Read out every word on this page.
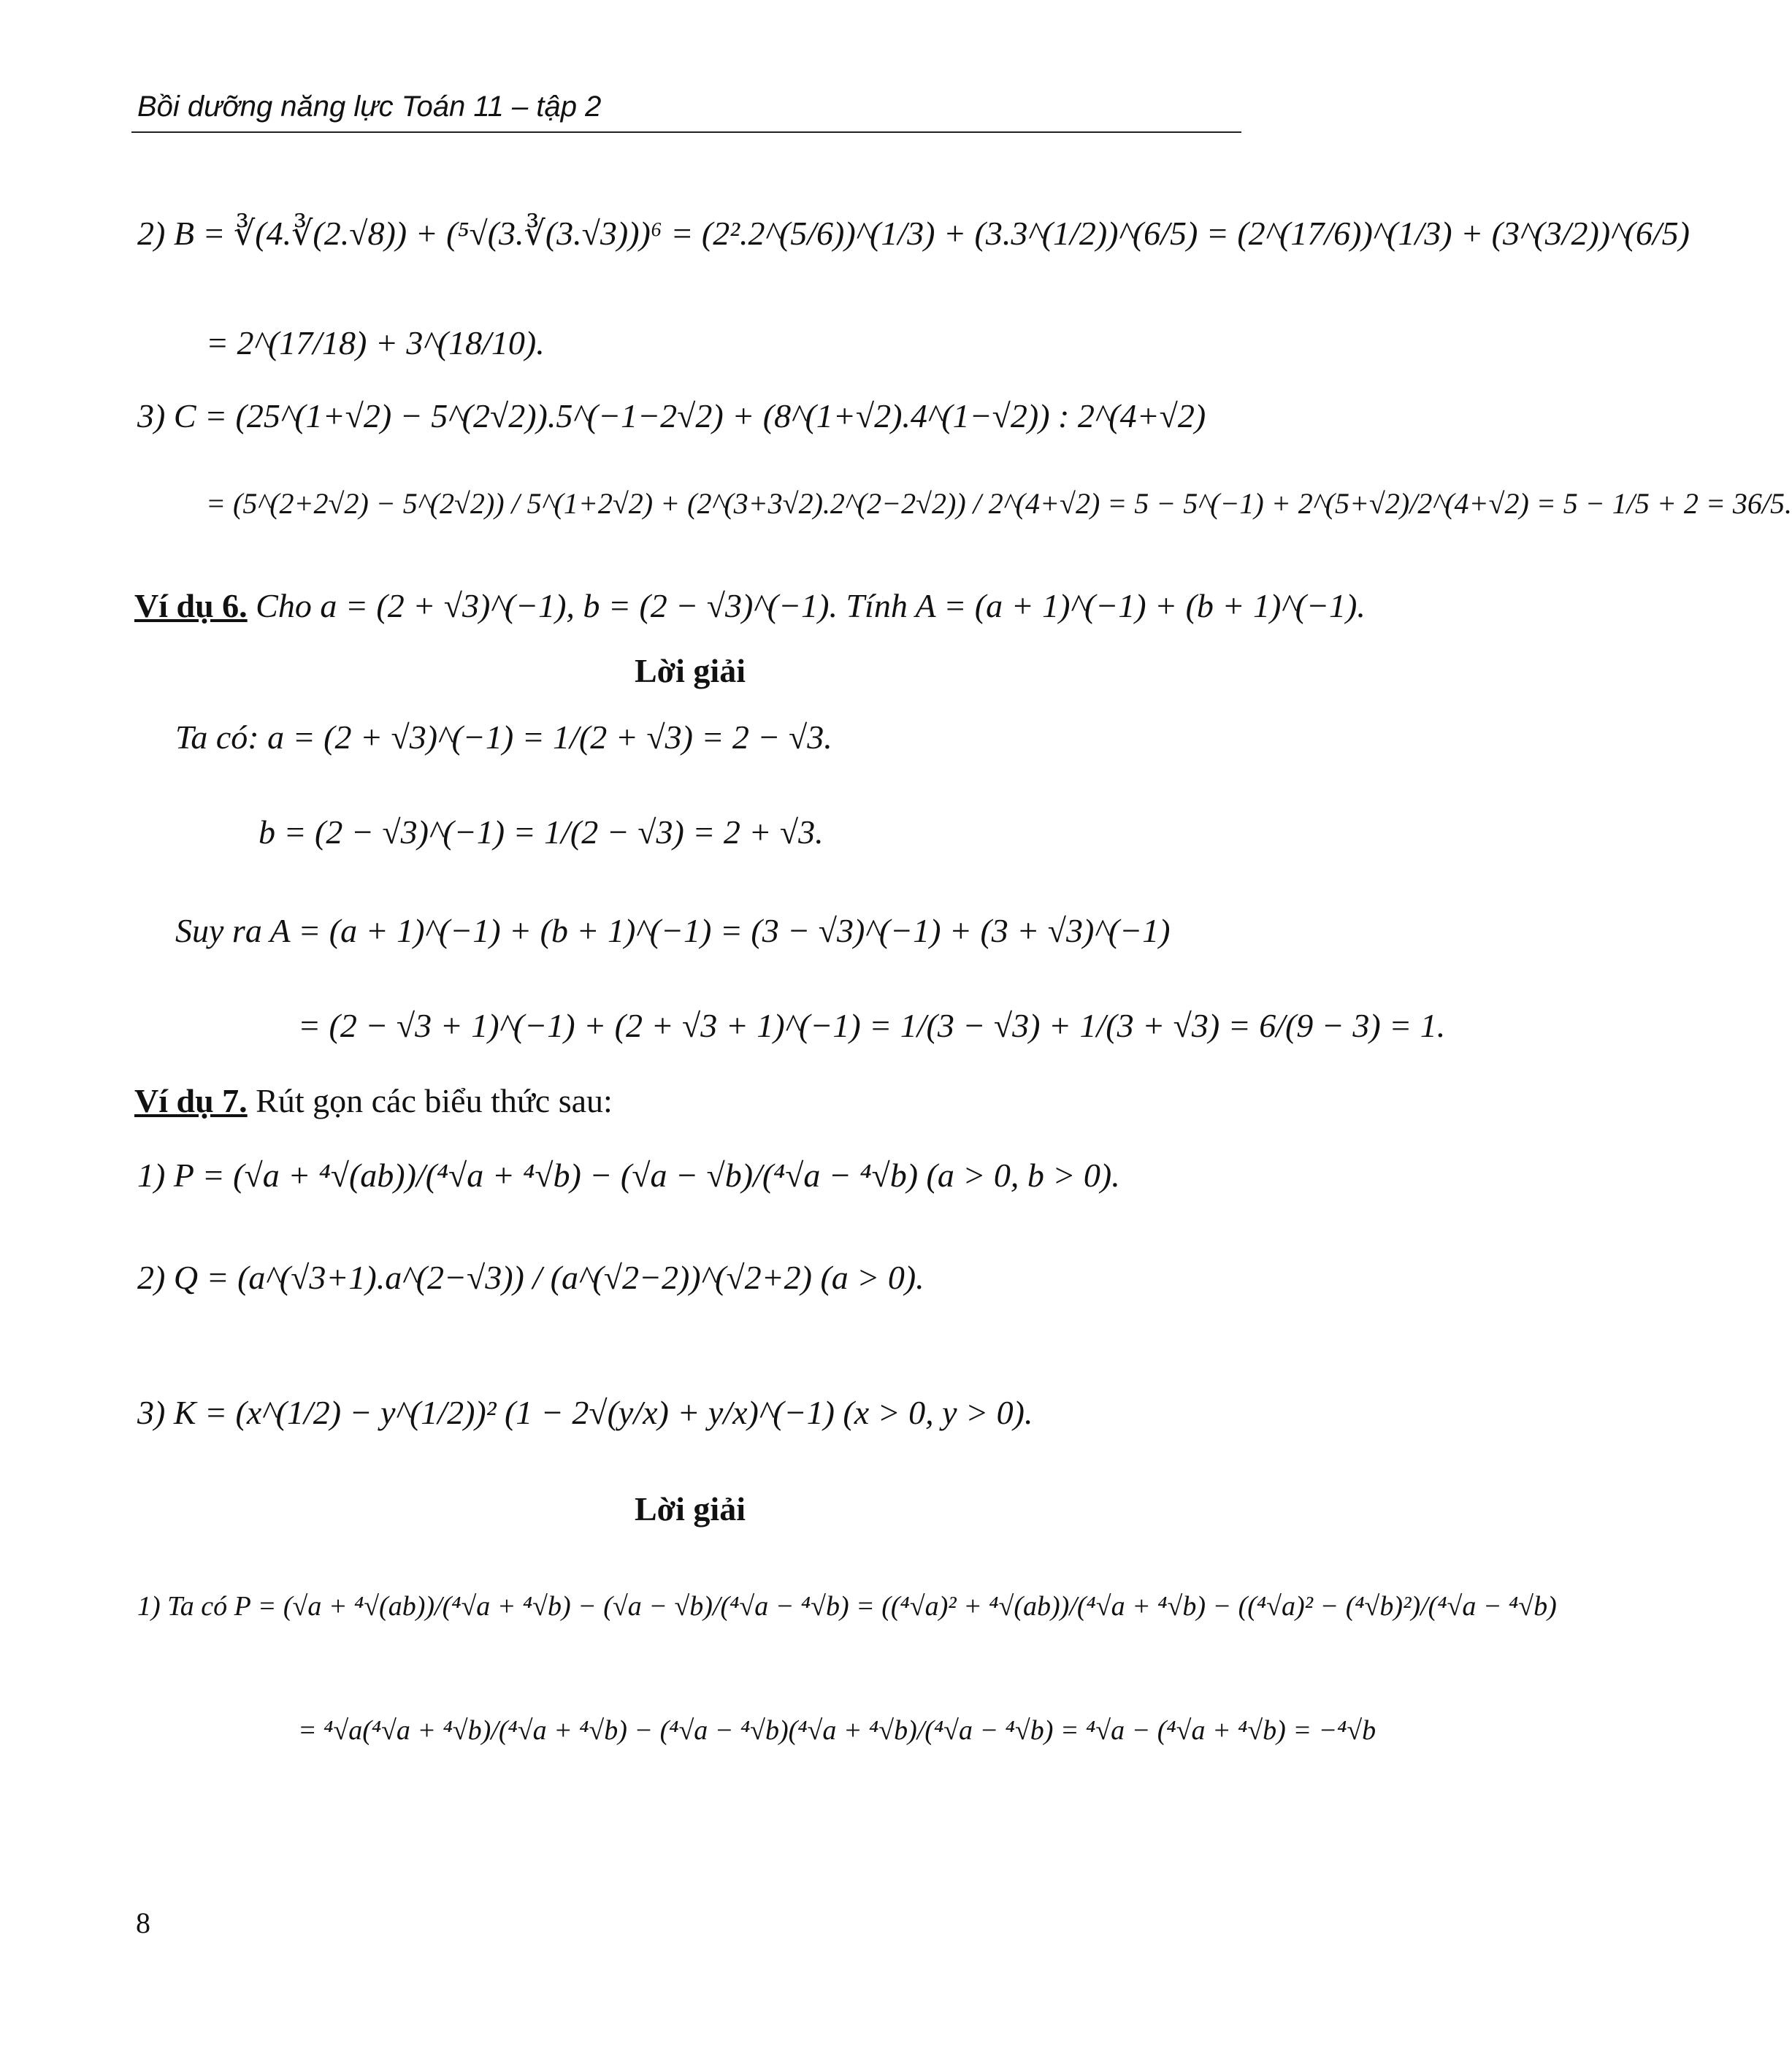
Bồi dưỡng năng lực Toán 11 – tập 2
2) B = ∛(4.∛(2.√8)) + (⁵√(3.∛(3.√3)))⁶ = (2².2^(5/6))^(1/3) + (3.3^(1/2))^(6/5) = (2^(17/6))^(1/3) + (3^(3/2))^(6/5)
= 2^(17/18) + 3^(18/10).
3) C = (25^(1+√2) − 5^(2√2)).5^(−1−2√2) + (8^(1+√2).4^(1−√2)) : 2^(4+√2)
= (5^(2+2√2) − 5^(2√2)) / 5^(1+2√2) + (2^(3+3√2).2^(2−2√2)) / 2^(4+√2) = 5 − 5^(−1) + 2^(5+√2)/2^(4+√2) = 5 − 1/5 + 2 = 36/5.
Ví dụ 6. Cho a = (2 + √3)^(−1), b = (2 − √3)^(−1). Tính A = (a + 1)^(−1) + (b + 1)^(−1).
Lời giải
Ta có: a = (2 + √3)^(−1) = 1/(2 + √3) = 2 − √3.
b = (2 − √3)^(−1) = 1/(2 − √3) = 2 + √3.
Suy ra A = (a + 1)^(−1) + (b + 1)^(−1) = (3 − √3)^(−1) + (3 + √3)^(−1)
= (2 − √3 + 1)^(−1) + (2 + √3 + 1)^(−1) = 1/(3 − √3) + 1/(3 + √3) = 6/(9 − 3) = 1.
Ví dụ 7. Rút gọn các biểu thức sau:
1) P = (√a + ⁴√(ab))/(⁴√a + ⁴√b) − (√a − √b)/(⁴√a − ⁴√b) (a > 0, b > 0).
2) Q = (a^(√3+1).a^(2−√3)) / (a^(√2−2))^(√2+2) (a > 0).
3) K = (x^(1/2) − y^(1/2))² (1 − 2√(y/x) + y/x)^(−1) (x > 0, y > 0).
Lời giải
1) Ta có P = (√a + ⁴√(ab))/(⁴√a + ⁴√b) − (√a − √b)/(⁴√a − ⁴√b) = ((⁴√a)² + ⁴√(ab))/(⁴√a + ⁴√b) − ((⁴√a)² − (⁴√b)²)/(⁴√a − ⁴√b)
= ⁴√a(⁴√a + ⁴√b)/(⁴√a + ⁴√b) − (⁴√a − ⁴√b)(⁴√a + ⁴√b)/(⁴√a − ⁴√b) = ⁴√a − (⁴√a + ⁴√b) = −⁴√b
8
